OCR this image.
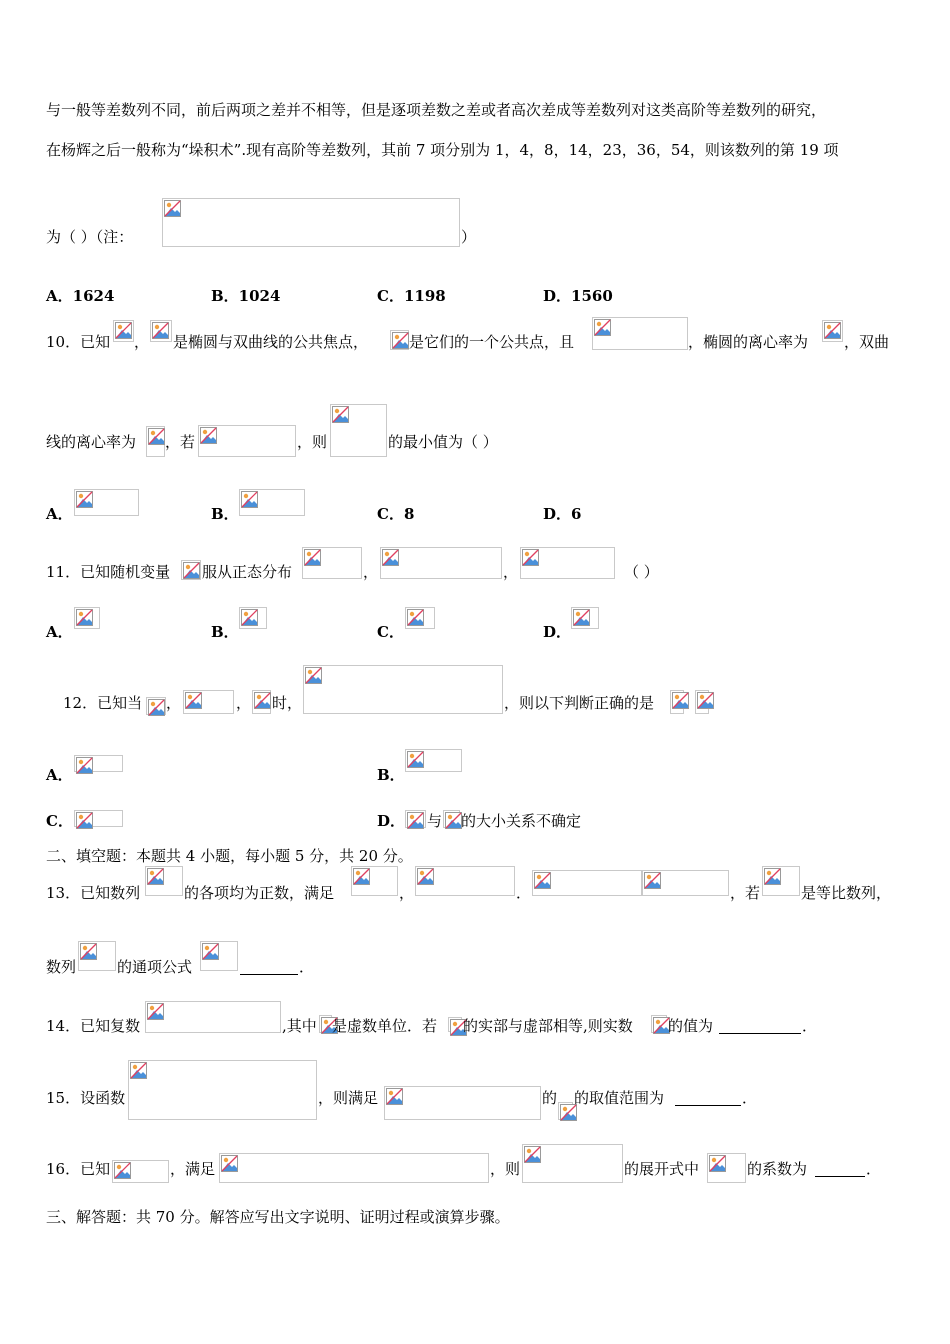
与一般等差数列不同，前后两项之差并不相等，但是逐项差数之差或者高次差成等差数列对这类高阶等差数列的研究，
在杨辉之后一般称为“垛积术”.现有高阶等差数列，其前 7 项分别为 1，4，8，14，23，36，54，则该数列的第 19 项
为（ ）（注：	）
A．1624	B．1024	C．1198	D．1560
10．已知 ， 是椭圆与双曲线的公共焦点，	是它们的一个公共点，且	，椭圆的离心率为 ，双曲
线的离心率为 ，若	，则	的最小值为（ ）
A．	B．	C．8	D．6
11．已知随机变量 服从正态分布	，	，	（ ）
A．	B．	C．	D．
12．已知当 ，	， 时，	，则以下判断正确的是
A．	B．
C．	D． 与 的大小关系不确定
二、填空题：本题共 4 小题，每小题 5 分，共 20 分。
13．已知数列	的各项均为正数，满足	，	．	，若	是等比数列，
数列	的通项公式	．
14．已知复数	,其中 是虚数单位．若 的实部与虚部相等,则实数 的值为	．
15．设函数	，则满足	的 的取值范围为	．
16．已知	，满足	，则	的展开式中	的系数为	．
三、解答题：共 70 分。解答应写出文字说明、证明过程或演算步骤。
